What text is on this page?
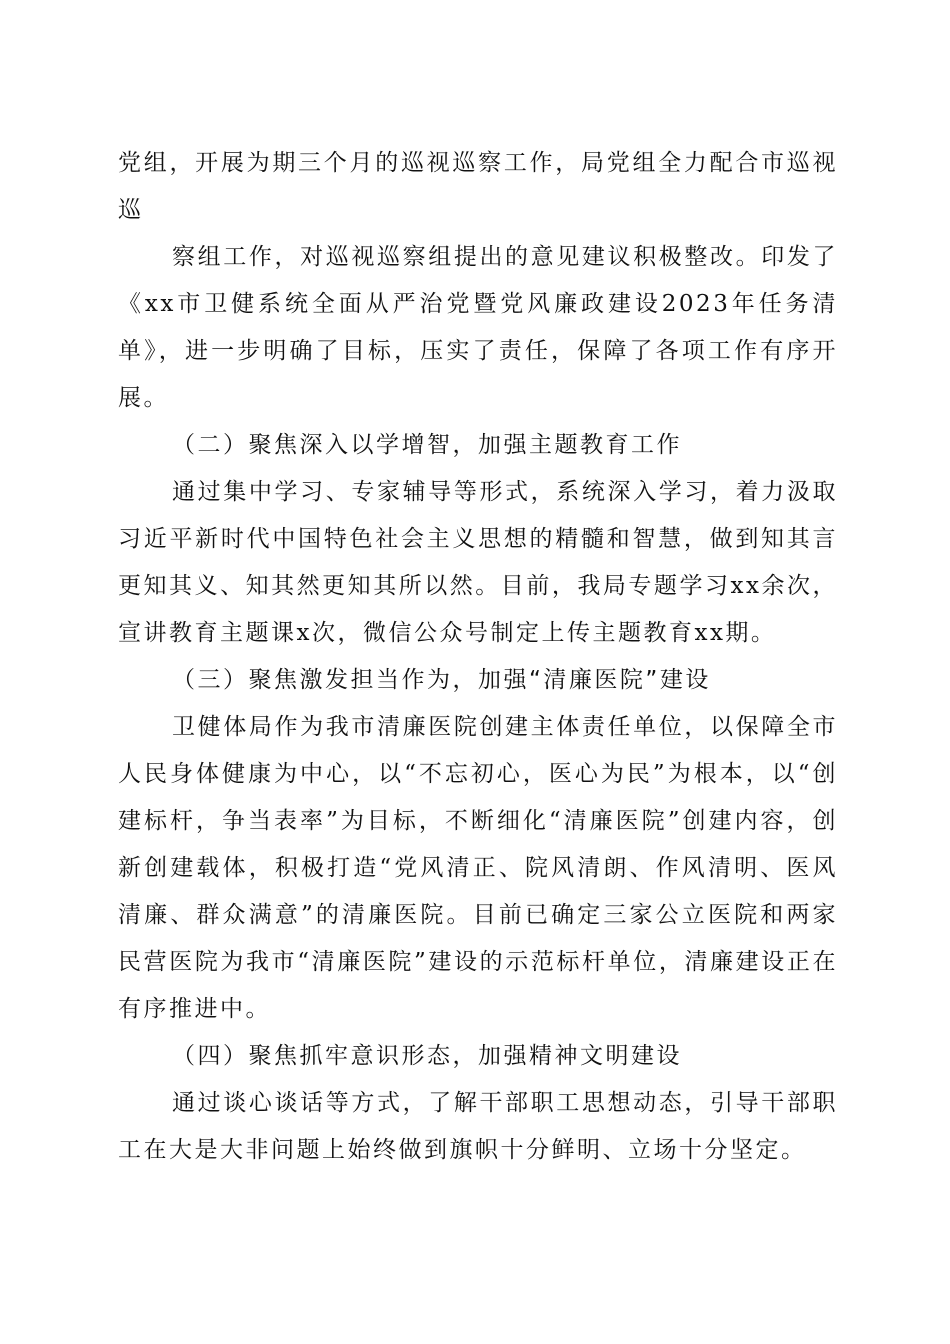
党组，开展为期三个月的巡视巡察工作，局党组全力配合市巡视巡

察组工作，对巡视巡察组提出的意见建议积极整改。印发了《xx市卫健系统全面从严治党暨党风廉政建设2023年任务清单》，进一步明确了目标，压实了责任，保障了各项工作有序开展。

（二）聚焦深入以学增智，加强主题教育工作

通过集中学习、专家辅导等形式，系统深入学习，着力汲取习近平新时代中国特色社会主义思想的精髓和智慧，做到知其言更知其义、知其然更知其所以然。目前，我局专题学习xx余次，宣讲教育主题课x次，微信公众号制定上传主题教育xx期。

（三）聚焦激发担当作为，加强“清廉医院”建设

卫健体局作为我市清廉医院创建主体责任单位，以保障全市人民身体健康为中心，以“不忘初心，医心为民”为根本，以“创建标杆，争当表率”为目标，不断细化“清廉医院”创建内容，创新创建载体，积极打造“党风清正、院风清朗、作风清明、医风清廉、群众满意”的清廉医院。目前已确定三家公立医院和两家民营医院为我市“清廉医院”建设的示范标杆单位，清廉建设正在有序推进中。

（四）聚焦抓牢意识形态，加强精神文明建设

通过谈心谈话等方式，了解干部职工思想动态，引导干部职工在大是大非问题上始终做到旗帜十分鲜明、立场十分坚定。
